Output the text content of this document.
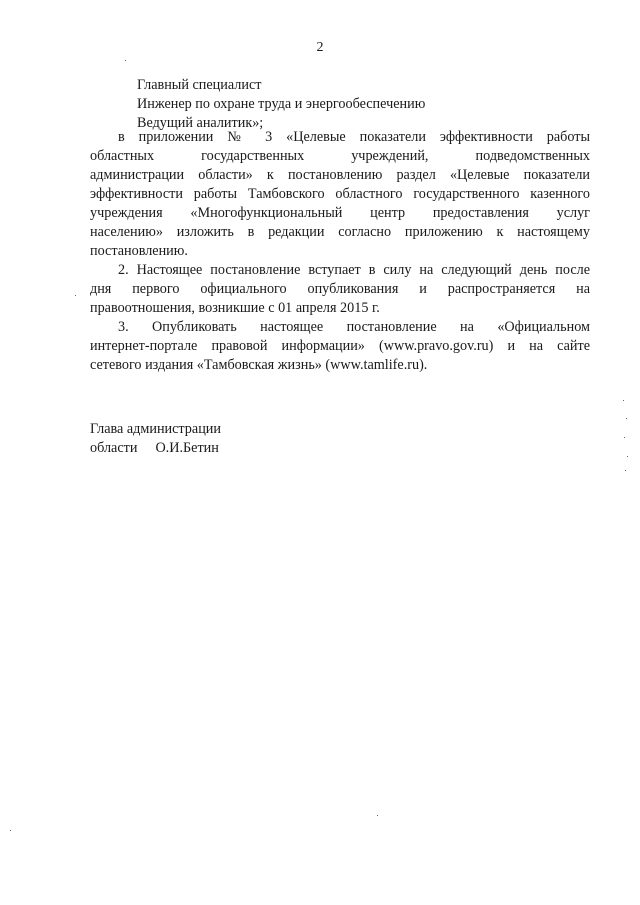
2
Главный специалист
Инженер по охране труда и энергообеспечению
Ведущий аналитик»;

в приложении № 3 «Целевые показатели эффективности работы
областных государственных учреждений, подведомственных
администрации области» к постановлению раздел «Целевые показатели
эффективности работы Тамбовского областного государственного казенного
учреждения «Многофункциональный центр предоставления услуг
населению» изложить в редакции согласно приложению к настоящему
постановлению.

2. Настоящее постановление вступает в силу на следующий день после
дня первого официального опубликования и распространяется на
правоотношения, возникшие с 01 апреля 2015 г.

3. Опубликовать настоящее постановление на «Официальном
интернет-портале правовой информации» (www.pravo.gov.ru) и на сайте
сетевого издания «Тамбовская жизнь» (www.tamlife.ru).

Глава администрации
области О.И.Бетин
